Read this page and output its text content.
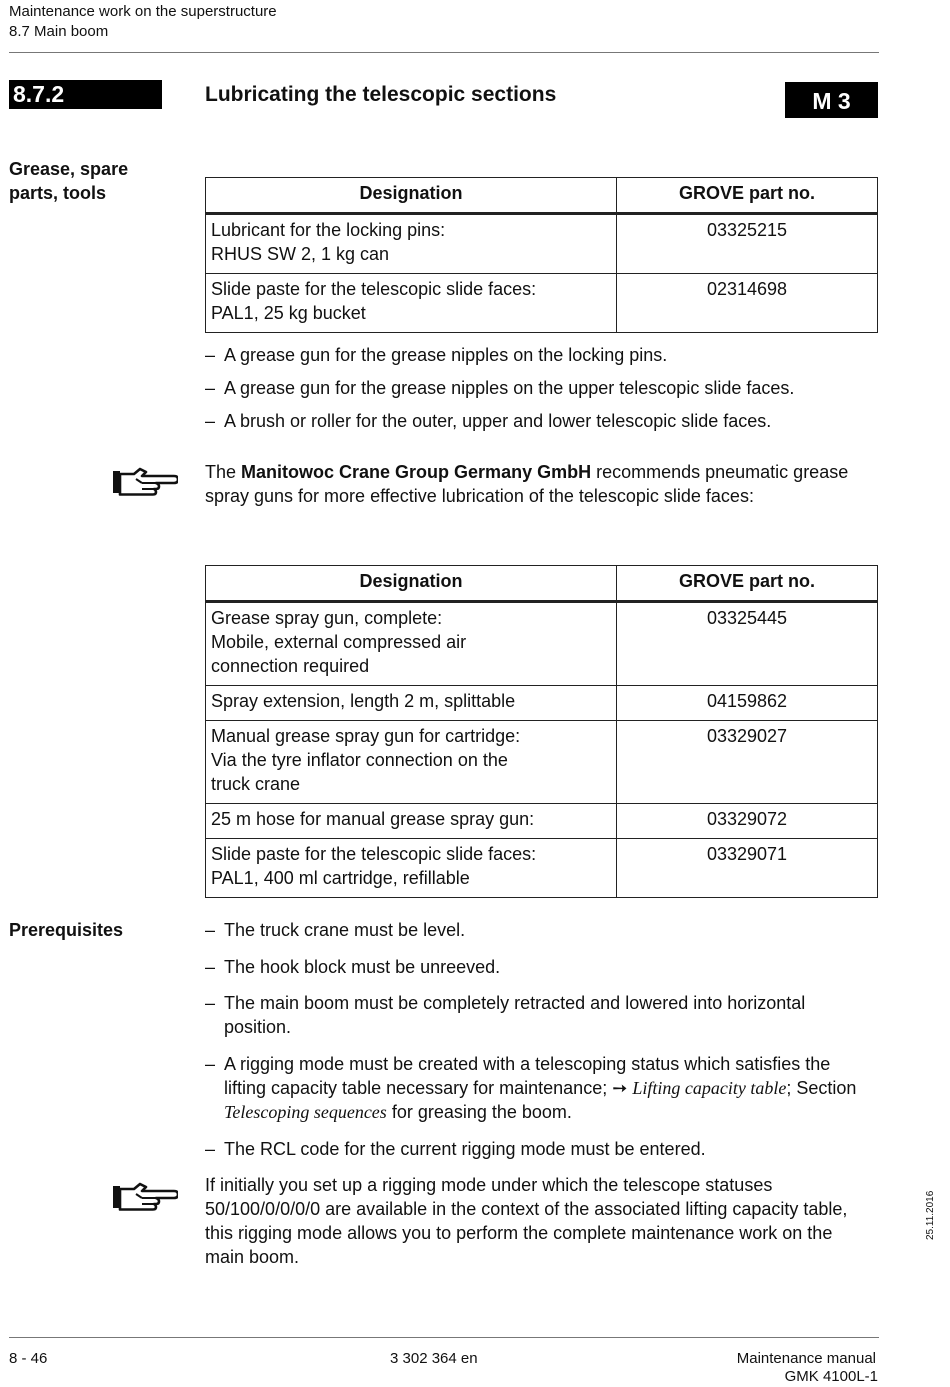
Maintenance work on the superstructure
8.7 Main boom
8.7.2	Lubricating the telescopic sections	M 3
Grease, spare
parts, tools	Designation	GROVE part no.

Lubricant for the locking pins:
RHUS SW 2, 1 kg can	03325215

Slide paste for the telescopic slide faces:
PAL1, 25 kg bucket	02314698
– A grease gun for the grease nipples on the locking pins.
– A grease gun for the grease nipples on the upper telescopic slide faces.
– A brush or roller for the outer, upper and lower telescopic slide faces.
The Manitowoc Crane Group Germany GmbH recommends pneumatic grease spray guns for more effective lubrication of the telescopic slide faces:
Designation	GROVE part no.

Grease spray gun, complete:
Mobile, external compressed air
connection required	03325445

Spray extension, length 2 m, splittable	04159862

Manual grease spray gun for cartridge:
Via the tyre inflator connection on the
truck crane	03329027

25 m hose for manual grease spray gun:	03329072

Slide paste for the telescopic slide faces:
PAL1, 400 ml cartridge, refillable	03329071
Prerequisites	– The truck crane must be level.
– The hook block must be unreeved.
– The main boom must be completely retracted and lowered into horizontal position.
– A rigging mode must be created with a telescoping status which satisfies the lifting capacity table necessary for maintenance; ➙ Lifting capacity table; Section Telescoping sequences for greasing the boom.
– The RCL code for the current rigging mode must be entered.
If initially you set up a rigging mode under which the telescope statuses 50/100/0/0/0/0 are available in the context of the associated lifting capacity table, this rigging mode allows you to perform the complete maintenance work on the main boom.
25.11.2016
8 - 46	3 302 364 en	Maintenance manual
GMK 4100L-1
